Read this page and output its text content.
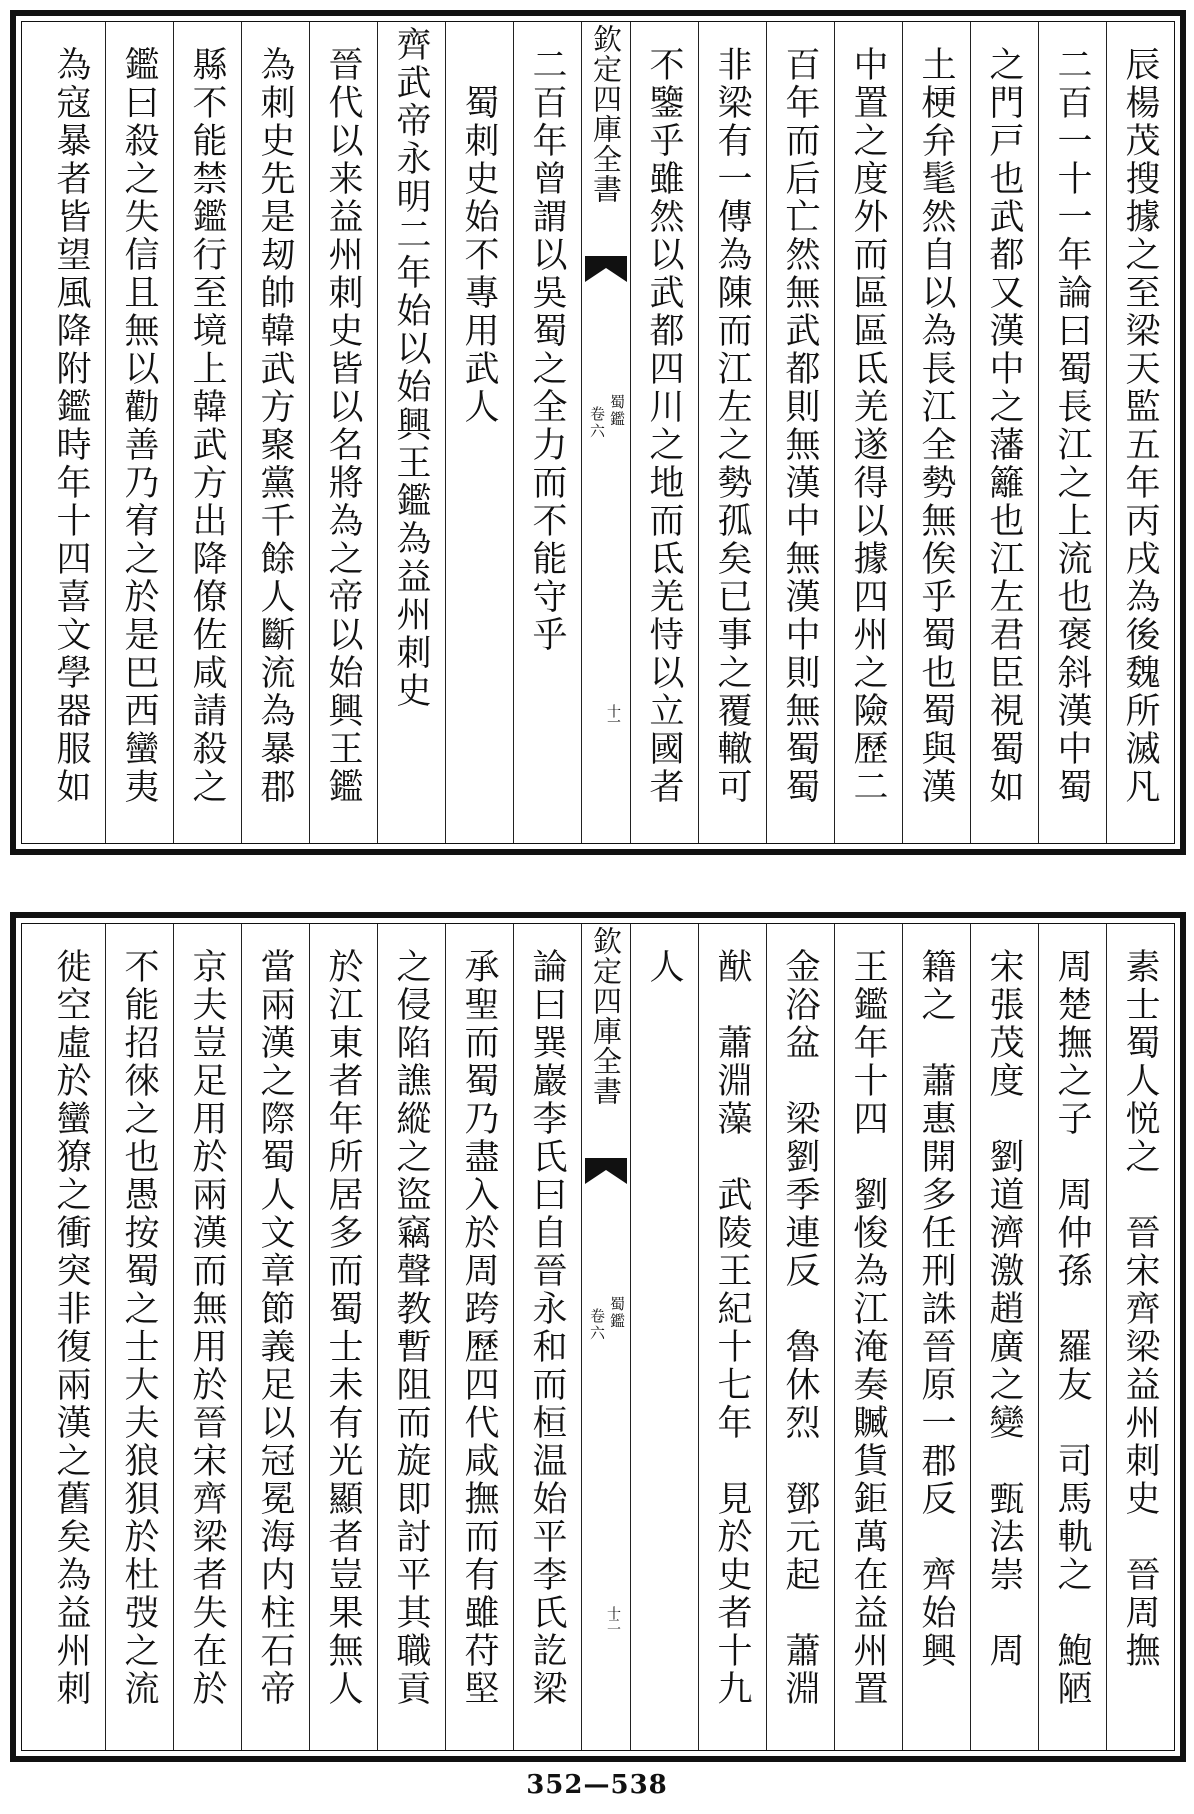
辰楊茂搜據之至梁天監五年丙戌為後魏所滅凡
二百一十一年論曰蜀長江之上流也褒斜漢中蜀
之門戸也武都又漢中之藩籬也江左君臣視蜀如
土梗弁髦然自以為長江全勢無俟乎蜀也蜀與漢
中置之度外而區區氐羌遂得以據四州之險歷二
百年而后亡然無武都則無漢中無漢中則無蜀蜀
非梁有一傳為陳而江左之勢孤矣已事之覆轍可
不鑒乎雖然以武都四川之地而氐羌恃以立國者
欽定四庫全書
蜀鑑
卷六
十一
二百年曾謂以吳蜀之全力而不能守乎
蜀刺史始不專用武人
齊武帝永明二年始以始興王鑑為益州刺史
晉代以来益州刺史皆以名將為之帝以始興王鑑
為刺史先是刼帥韓武方聚黨千餘人斷流為暴郡
縣不能禁鑑行至境上韓武方出降僚佐咸請殺之
鑑曰殺之失信且無以勸善乃宥之於是巴西蠻夷
為寇暴者皆望風降附鑑時年十四喜文學器服如
素士蜀人悦之　晉宋齊梁益州刺史　晉周撫
周楚撫之子　周仲孫　羅友　司馬軌之　鮑陋
宋張茂度　劉道濟激趙廣之變　甄法崇　周
籍之　蕭惠開多任刑誅晉原一郡反　齊始興
王鑑年十四　劉悛為江淹奏贓貨鉅萬在益州置
金浴盆　梁劉季連反　魯休烈　鄧元起　蕭淵
猷　蕭淵藻　武陵王紀十七年　見於史者十九
人
欽定四庫全書
蜀鑑
卷六
十二
論曰巽巖李氏曰自晉永和而桓温始平李氏訖梁
承聖而蜀乃盡入於周跨歷四代咸撫而有雖苻堅
之侵陷譙縱之盜竊聲教暫阻而旋即討平其職貢
於江東者年所居多而蜀士未有光顯者豈果無人
當兩漢之際蜀人文章節義足以冠冕海内柱石帝
京夫豈足用於兩漢而無用於晉宋齊梁者失在於
不能招徠之也愚按蜀之士大夫狼狽於杜弢之流
徙空虛於蠻獠之衝突非復兩漢之舊矣為益州刺
352—538
